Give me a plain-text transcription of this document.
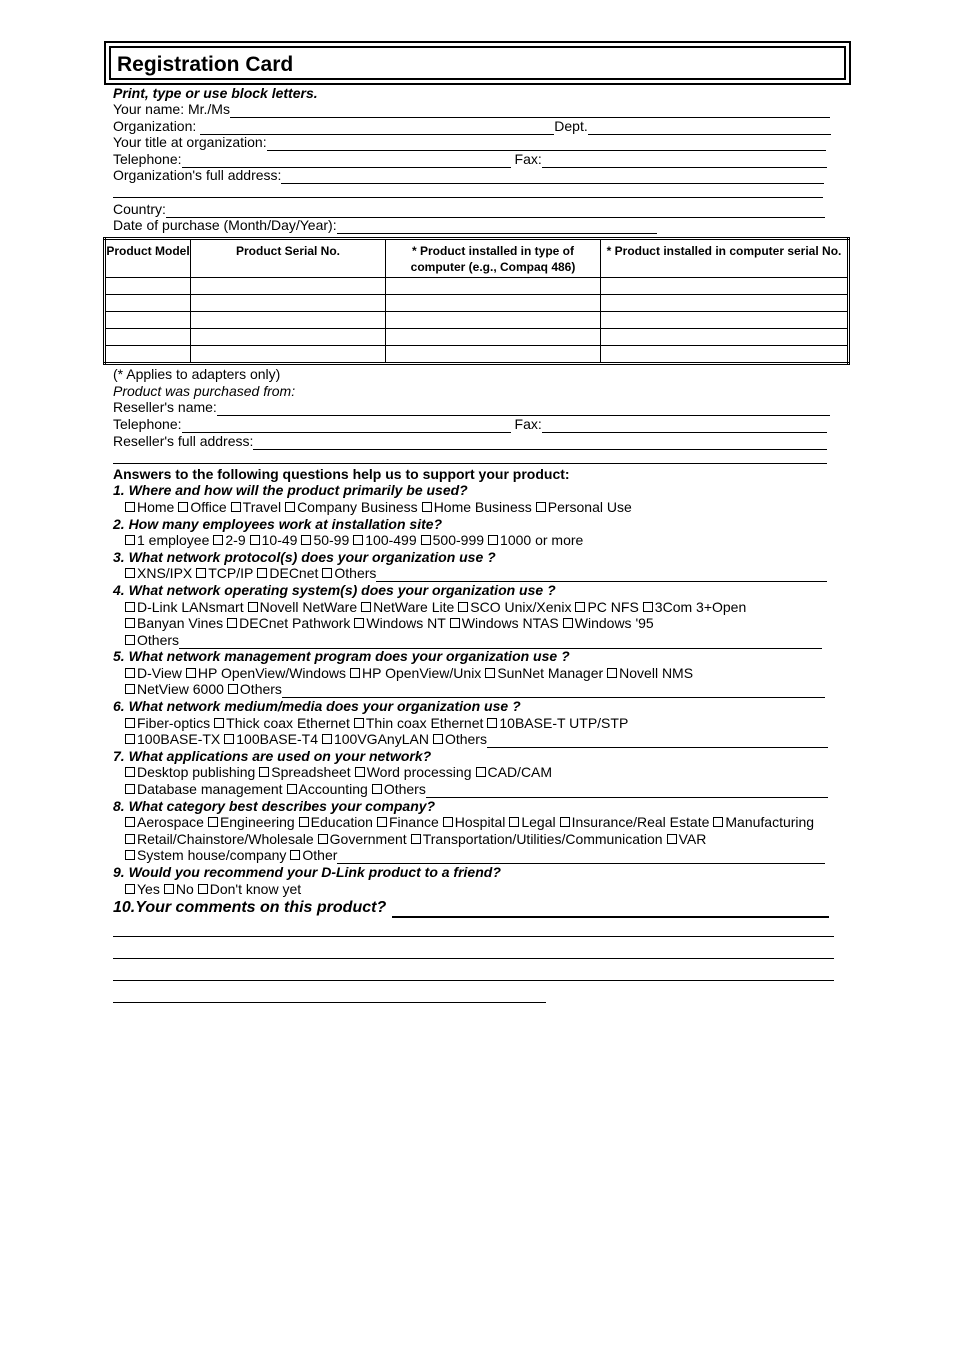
Registration Card
Print, type or use block letters.
Your name: Mr./Ms
Organization:	Dept.
Your title at organization:
Telephone:	Fax:
Organization's full address:
Country:
Date of purchase (Month/Day/Year):
Product Model	Product Serial No.	* Product installed in type of computer (e.g., Compaq 486)	* Product installed in computer serial No.

(* Applies to adapters only)
Product was purchased from:
Reseller's name:
Telephone:	Fax:
Reseller's full address:
Answers to the following questions help us to support your product:
1. Where and how will the product primarily be used?
Home Office Travel Company Business Home Business Personal Use
2. How many employees work at installation site?
1 employee 2-9 10-49 50-99 100-499 500-999 1000 or more
3. What network protocol(s) does your organization use ?
XNS/IPX	TCP/IP	DECnet	Others
4. What network operating system(s) does your organization use ?
D-Link LANsmart Novell NetWare NetWare Lite SCO Unix/Xenix PC NFS 3Com 3+Open
Banyan Vines DECnet Pathwork Windows NT Windows NTAS Windows '95
Others
5. What network management program does your organization use ?
D-View HP OpenView/Windows HP OpenView/Unix SunNet Manager Novell NMS
NetView 6000	Others
6. What network medium/media does your organization use ?
Fiber-optics Thick coax Ethernet Thin coax Ethernet 10BASE-T UTP/STP
100BASE-TX	100BASE-T4	100VGAnyLAN	Others
7. What applications are used on your network?
Desktop publishing Spreadsheet Word processing CAD/CAM
Database management	Accounting	Others
8. What category best describes your company?
Aerospace Engineering Education Finance Hospital Legal Insurance/Real Estate Manufacturing
Retail/Chainstore/Wholesale Government Transportation/Utilities/Communication VAR
System house/company	Other
9. Would you recommend your D-Link product to a friend?
Yes No Don't know yet
10.Your comments on this product?
